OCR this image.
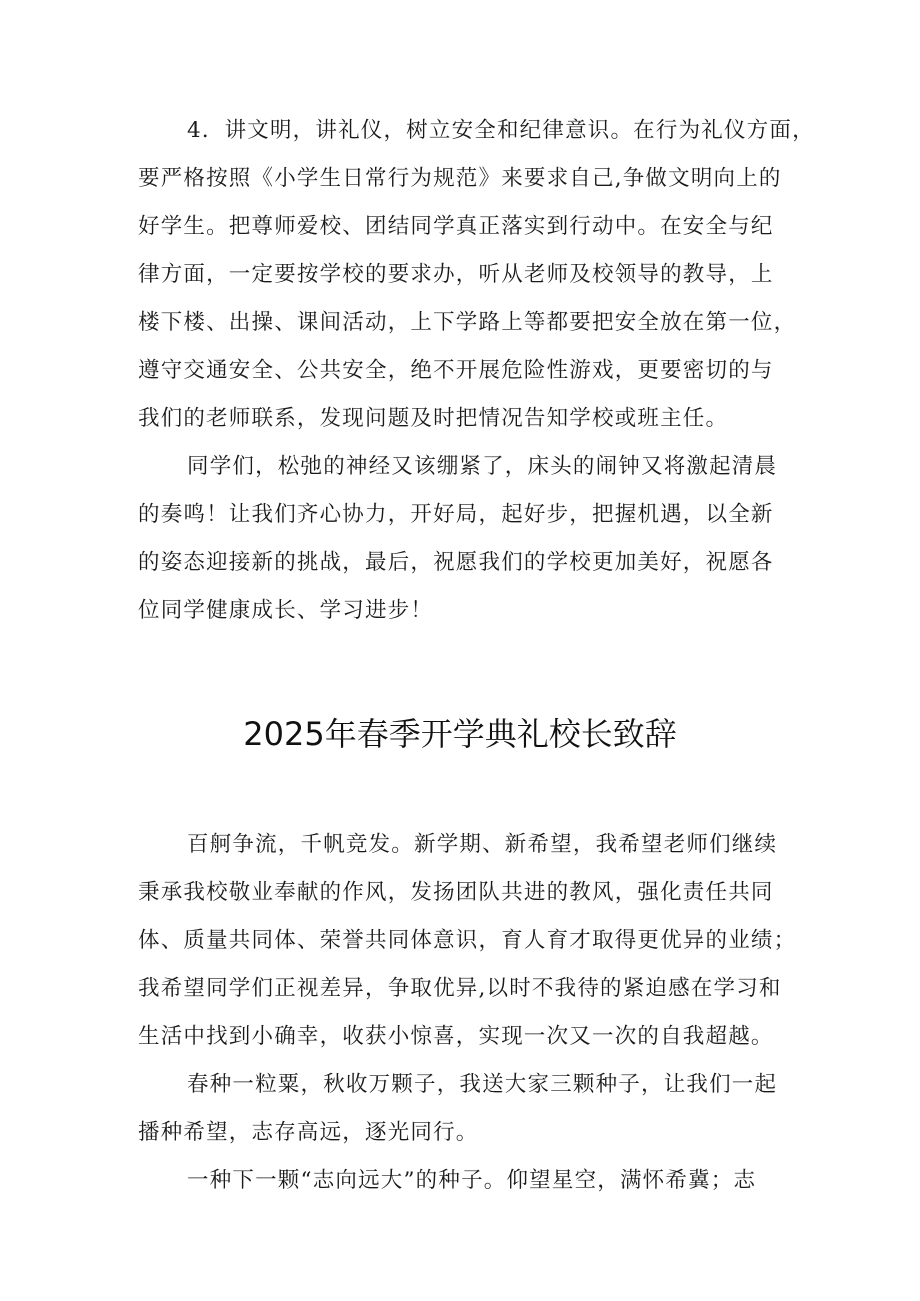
4．讲文明，讲礼仪，树立安全和纪律意识。在行为礼仪方面，
要严格按照《小学生日常行为规范》来要求自己,争做文明向上的
好学生。把尊师爱校、团结同学真正落实到行动中。在安全与纪
律方面，一定要按学校的要求办，听从老师及校领导的教导，上
楼下楼、出操、课间活动，上下学路上等都要把安全放在第一位，
遵守交通安全、公共安全，绝不开展危险性游戏，更要密切的与
我们的老师联系，发现问题及时把情况告知学校或班主任。
同学们，松弛的神经又该绷紧了，床头的闹钟又将激起清晨
的奏鸣！让我们齐心协力，开好局，起好步，把握机遇，以全新
的姿态迎接新的挑战，最后，祝愿我们的学校更加美好，祝愿各
位同学健康成长、学习进步！
2025年春季开学典礼校长致辞
百舸争流，千帆竞发。新学期、新希望，我希望老师们继续
秉承我校敬业奉献的作风，发扬团队共进的教风，强化责任共同
体、质量共同体、荣誉共同体意识，育人育才取得更优异的业绩；
我希望同学们正视差异，争取优异,以时不我待的紧迫感在学习和
生活中找到小确幸，收获小惊喜，实现一次又一次的自我超越。
春种一粒粟，秋收万颗子，我送大家三颗种子，让我们一起
播种希望，志存高远，逐光同行。
一种下一颗“志向远大”的种子。仰望星空，满怀希冀；志
